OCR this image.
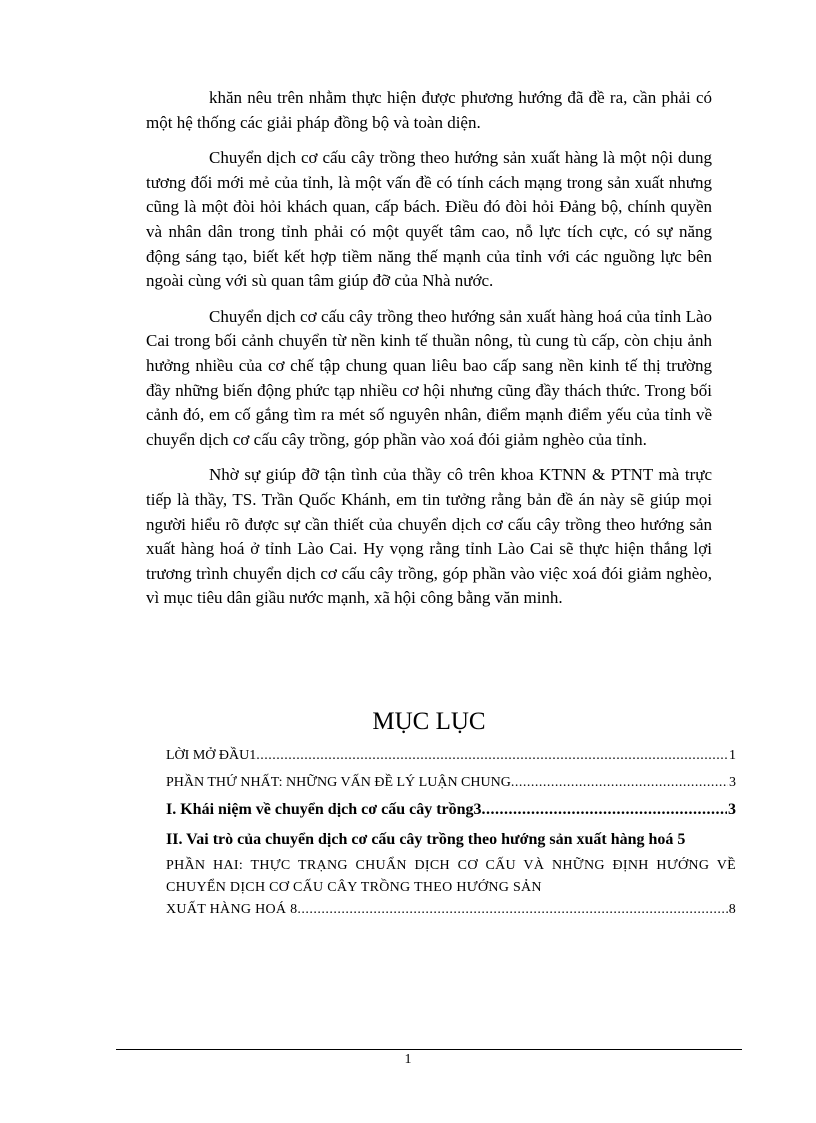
khăn nêu trên nhằm thực hiện được phương hướng đã đề ra, cần phải có một hệ thống các giải pháp đồng bộ và toàn diện.

Chuyển dịch cơ cấu cây trồng theo hướng sản xuất hàng là một nội dung tương đối mới mẻ của tỉnh, là một vấn đề có tính cách mạng trong sản xuất nhưng cũng là một đòi hỏi khách quan, cấp bách. Điều đó đòi hỏi Đảng bộ, chính quyền và nhân dân trong tỉnh phải có một quyết tâm cao, nỗ lực tích cực, có sự năng động sáng tạo, biết kết hợp tiềm năng thế mạnh của tỉnh với các nguồng lực bên ngoài cùng với sù quan tâm giúp đỡ của Nhà nước.

Chuyển dịch cơ cấu cây trồng theo hướng sản xuất hàng hoá của tỉnh Lào Cai trong bối cảnh chuyển từ nền kinh tế thuần nông, tù cung tù cấp, còn chịu ảnh hưởng nhiều của cơ chế tập chung quan liêu bao cấp sang nền kinh tế thị trường đầy những biến động phức tạp nhiều cơ hội nhưng cũng đầy thách thức. Trong bối cảnh đó, em cố gắng tìm ra mét số nguyên nhân, điểm mạnh điểm yếu của tỉnh về chuyển dịch cơ cấu cây trồng, góp phần vào xoá đói giảm nghèo của tỉnh.

Nhờ sự giúp đỡ tận tình của thầy cô trên khoa KTNN & PTNT mà trực tiếp là thầy, TS. Trần Quốc Khánh, em tin tưởng rằng bản đề án này sẽ giúp mọi người hiểu rõ được sự cần thiết của chuyển dịch cơ cấu cây trồng theo hướng sản xuất hàng hoá ở tỉnh Lào Cai. Hy vọng rằng tỉnh Lào Cai sẽ thực hiện thắng lợi trương trình chuyển dịch cơ cấu cây trồng, góp phần vào việc xoá đói giảm nghèo, vì mục tiêu dân giầu nước mạnh, xã hội công bằng văn minh.

MỤC LỤC
LỜI MỞ ĐẦU1 .....	1
PHẦN THỨ NHẤT: NHỮNG VẤN ĐỀ LÝ LUẬN CHUNG .....	3
I. Khái niệm về chuyển dịch cơ cấu cây trồng3 .....	3
II. Vai trò của chuyển dịch cơ cấu cây trồng theo hướng sản xuất hàng hoá 5
PHẦN HAI: THỰC TRẠNG CHUẨN DỊCH CƠ CẤU VÀ NHỮNG ĐỊNH HƯỚNG VỀ CHUYỂN DỊCH CƠ CẤU CÂY TRỒNG THEO HƯỚNG SẢN
XUẤT HÀNG HOÁ 8 .....	8
1
